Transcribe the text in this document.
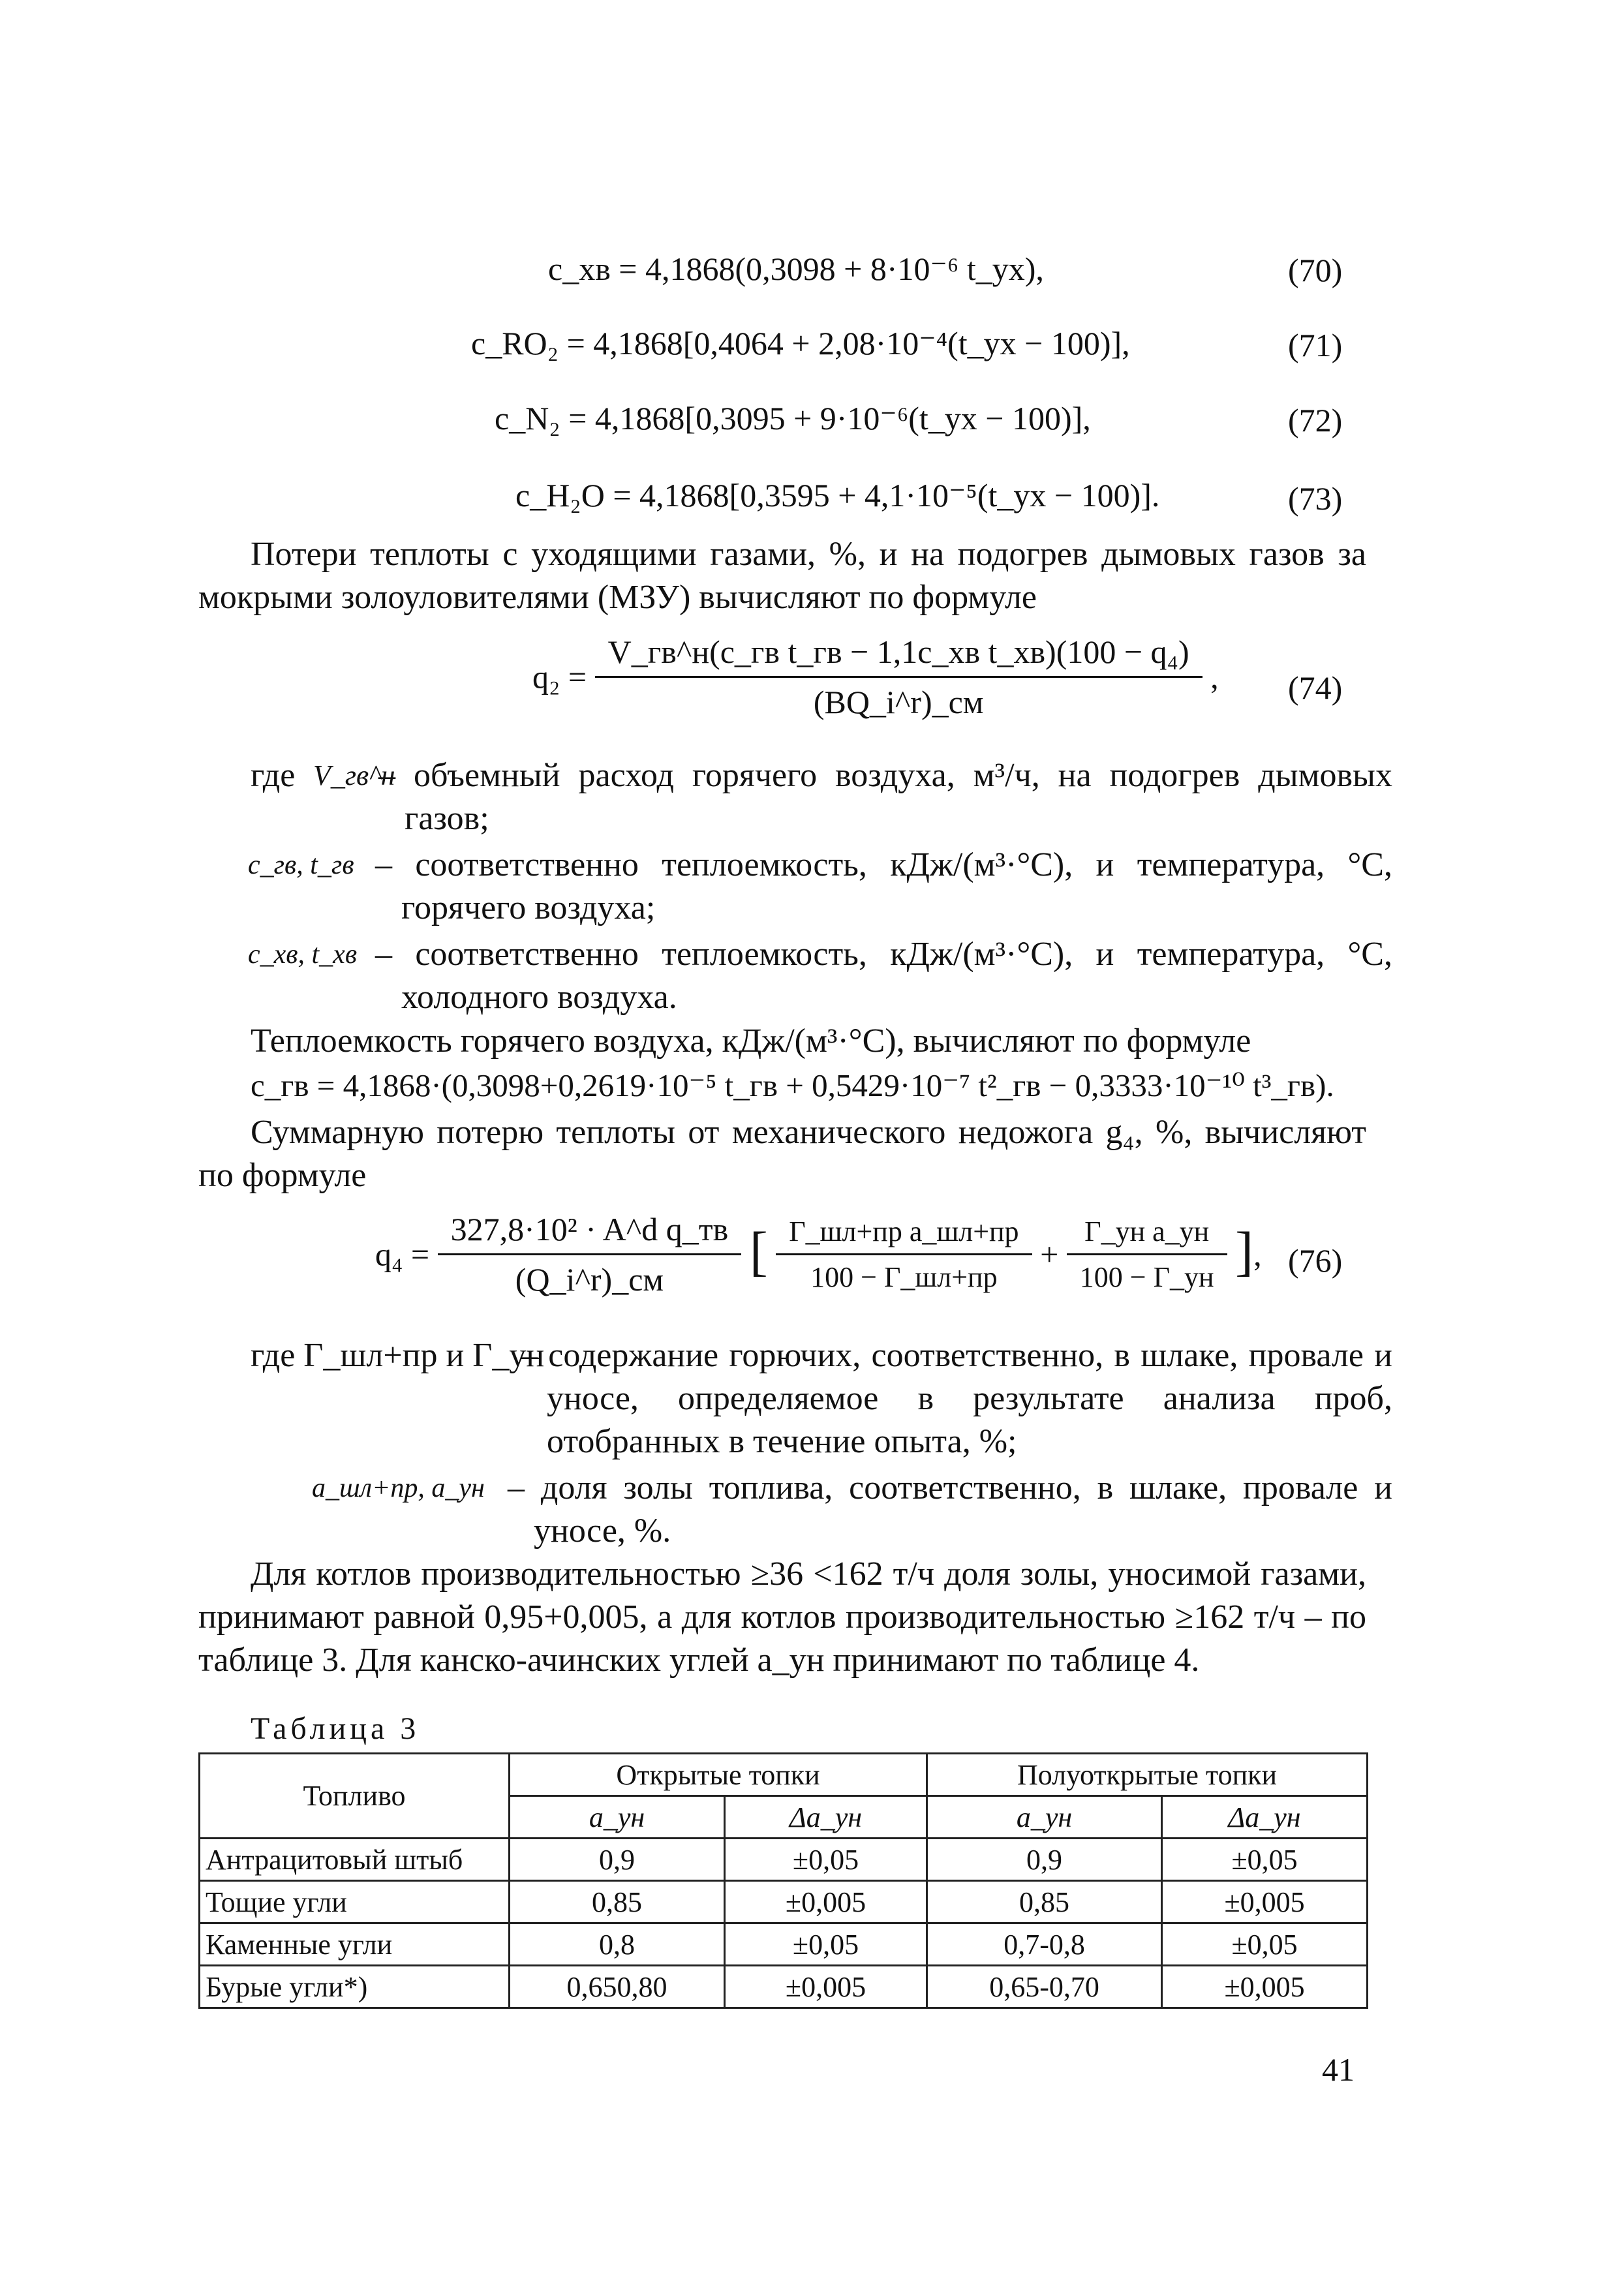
c_хв = 4,1868(0,3098 + 8·10⁻⁶ t_ух),	(70)
c_RO₂ = 4,1868[0,4064 + 2,08·10⁻⁴(t_ух − 100)],	(71)
c_N₂ = 4,1868[0,3095 + 9·10⁻⁶(t_ух − 100)],	(72)
c_H₂O = 4,1868[0,3595 + 4,1·10⁻⁵(t_ух − 100)].	(73)
Потери теплоты с уходящими газами, %, и на подогрев дымовых газов за мокрыми золоуловителями (МЗУ) вычисляют по формуле
$q_2 = \frac{\text{V\_гв\textasciicircum{}н(c\_гв t\_гв − 1,1c\_хв t\_хв)(100 − q₄)}}{(BQ\_i\^{}r)\_см}$ , (74)
где V_гв^н
– объемный расход горячего воздуха, м³/ч, на подогрев дымовых газов;
c_гв, t_гв – соответственно теплоемкость, кДж/(м³·°С), и температура, °С, горячего воздуха;
c_хв, t_хв – соответственно теплоемкость, кДж/(м³·°С), и температура, °С, холодного воздуха.
Теплоемкость горячего воздуха, кДж/(м³·°С), вычисляют по формуле
c_гв = 4,1868·(0,3098+0,2619·10⁻⁵ t_гв + 0,5429·10⁻⁷ t²_гв − 0,3333·10⁻¹⁰ t³_гв).
Суммарную потерю теплоты от механического недожога g₄, %, вычисляют по формуле
$q_4 = \frac{\text{327,8·10² · A\textasciicircum{}d q\_тв}}{(Q\_i\^{}r)\_см}$ [ $\frac{\text{Г\_шл+пр a\_шл+пр}}{100 - Г\_шл+пр} + \frac{\text{Г\_ун a\_ун}}{100 - Г\_ун}$ ], (76)
где Г_шл+пр и Г_ун
– содержание горючих, соответственно, в шлаке, провале и уносе, определяемое в результате анализа проб, отобранных в течение опыта, %;
a_шл+пр, a_ун – доля золы топлива, соответственно, в шлаке, провале и уносе, %.
Для котлов производительностью ≥36 <162 т/ч доля золы, уносимой газами, принимают равной 0,95+0,005, а для котлов производительностью ≥162 т/ч – по таблице 3. Для канско-ачинских углей a_ун принимают по таблице 4.
Таблица 3
Топливо	Открытые топки		Полуоткрытые топки	
	a_ун	Δa_ун	a_ун	Δa_ун
Антрацитовый штыб	0,9	±0,05	0,9	±0,05
Тощие угли	0,85	±0,005	0,85	±0,005
Каменные угли	0,8	±0,05	0,7-0,8	±0,05
Бурые угли*)	0,650,80	±0,005	0,65-0,70	±0,005
41
